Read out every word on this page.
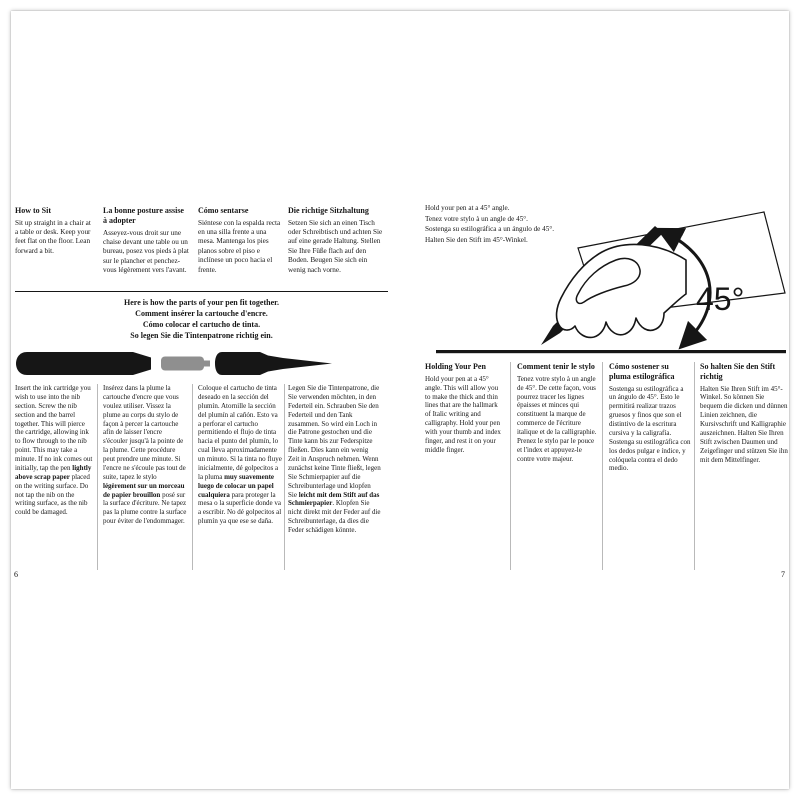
How to Sit

Sit up straight in a chair at a table or desk. Keep your feet flat on the floor. Lean forward a bit.

La bonne posture assise à adopter

Asseyez-vous droit sur une chaise devant une table ou un bureau, posez vos pieds à plat sur le plancher et penchez-vous légèrement vers l'avant.

Cómo sentarse

Siéntese con la espalda recta en una silla frente a una mesa. Mantenga los pies planos sobre el piso e inclínese un poco hacia el frente.

Die richtige Sitzhaltung

Setzen Sie sich an einen Tisch oder Schreibtisch und achten Sie auf eine gerade Haltung. Stellen Sie Ihre Füße flach auf den Boden. Beugen Sie sich ein wenig nach vorne.

Here is how the parts of your pen fit together.
Comment insérer la cartouche d'encre.
Cómo colocar el cartucho de tinta.
So legen Sie die Tintenpatrone richtig ein.

Insert the ink cartridge you wish to use into the nib section. Screw the nib section and the barrel together. This will pierce the cartridge, allowing ink to flow through to the nib point. This may take a minute. If no ink comes out initially, tap the pen lightly above scrap paper placed on the writing surface. Do not tap the nib on the writing surface, as the nib could be damaged.

Insérez dans la plume la cartouche d'encre que vous voulez utiliser. Vissez la plume au corps du stylo de façon à percer la cartouche afin de laisser l'encre s'écouler jusqu'à la pointe de la plume. Cette procédure peut prendre une minute. Si l'encre ne s'écoule pas tout de suite, tapez le stylo légèrement sur un morceau de papier brouillon posé sur la surface d'écriture. Ne tapez pas la plume contre la surface pour éviter de l'endommager.

Coloque el cartucho de tinta deseado en la sección del plumín. Atornille la sección del plumín al cañón. Esto va a perforar el cartucho permitiendo el flujo de tinta hacia el punto del plumín, lo cual lleva aproximadamente un minuto. Si la tinta no fluye inicialmente, dé golpecitos a la pluma muy suavemente luego de colocar un papel cualquiera para proteger la mesa o la superficie donde va a escribir. No dé golpecitos al plumín ya que ese se daña.

Legen Sie die Tintenpatrone, die Sie verwenden möchten, in den Federteil ein. Schrauben Sie den Federteil und den Tank zusammen. So wird ein Loch in die Patrone gestochen und die Tinte kann bis zur Federspitze fließen. Dies kann ein wenig Zeit in Anspruch nehmen. Wenn zunächst keine Tinte fließt, legen Sie Schmierpapier auf die Schreibunterlage und klopfen Sie leicht mit dem Stift auf das Schmierpapier. Klopfen Sie nicht direkt mit der Feder auf die Schreibunterlage, da dies die Feder schädigen könnte.

6
45°
Hold your pen at a 45° angle.
Tenez votre stylo à un angle de 45°.
Sostenga su estilográfica a un ángulo de 45°.
Halten Sie den Stift im 45°-Winkel.
Holding Your Pen

Hold your pen at a 45° angle. This will allow you to make the thick and thin lines that are the hallmark of Italic writing and calligraphy. Hold your pen with your thumb and index finger, and rest it on your middle finger.

Comment tenir le stylo

Tenez votre stylo à un angle de 45°. De cette façon, vous pourrez tracer les lignes épaisses et minces qui constituent la marque de commerce de l'écriture italique et de la calligraphie. Prenez le stylo par le pouce et l'index et appuyez-le contre votre majeur.

Cómo sostener su pluma estilográfica

Sostenga su estilográfica a un ángulo de 45°. Esto le permitirá realizar trazos gruesos y finos que son el distintivo de la escritura cursiva y la caligrafía. Sostenga su estilográfica con los dedos pulgar e índice, y colóquela contra el dedo medio.

So halten Sie den Stift richtig

Halten Sie Ihren Stift im 45°-Winkel. So können Sie bequem die dicken und dünnen Linien zeichnen, die Kursivschrift und Kalligraphie auszeichnen. Halten Sie Ihren Stift zwischen Daumen und Zeigefinger und stützen Sie ihn mit dem Mittelfinger.

7
